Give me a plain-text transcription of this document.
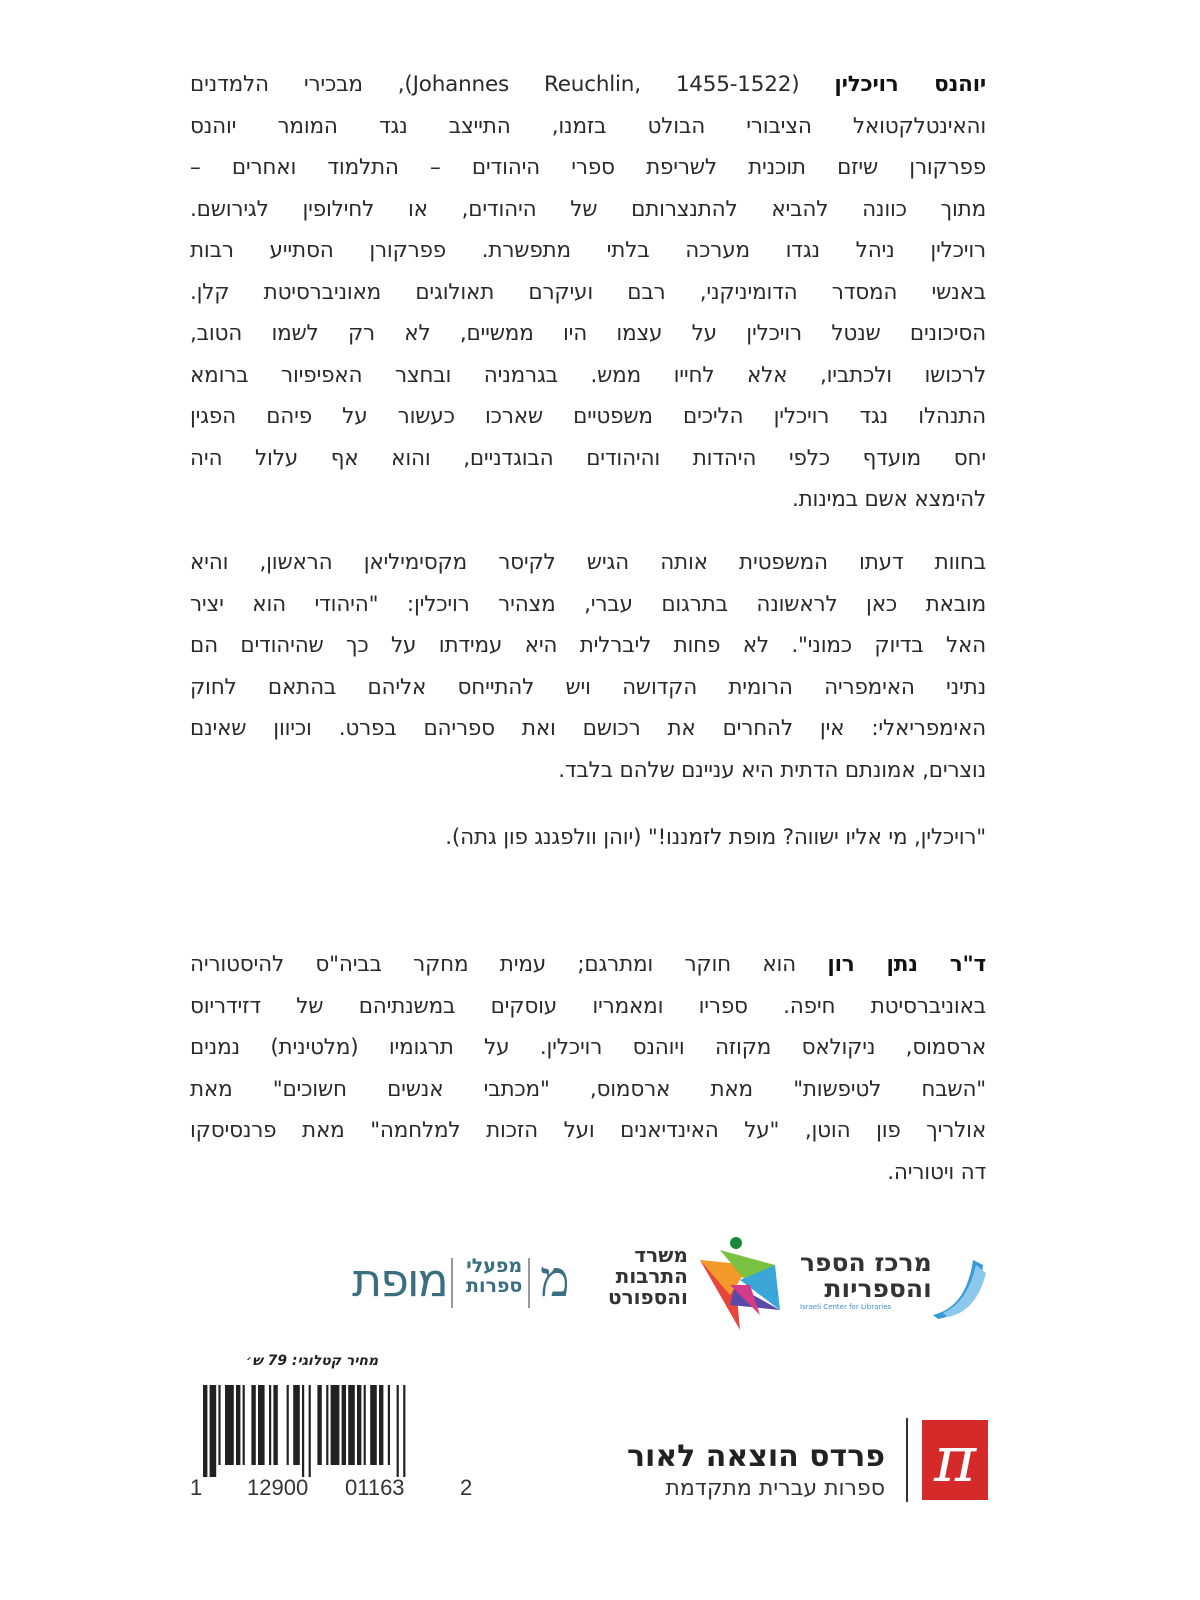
יוהנס רויכלין (Johannes Reuchlin, 1455-1522), מבכירי הלמדנים
והאינטלקטואל הציבורי הבולט בזמנו, התייצב נגד המומר יוהנס
פפרקורן שיזם תוכנית לשריפת ספרי היהודים – התלמוד ואחרים –
מתוך כוונה להביא להתנצרותם של היהודים, או לחילופין לגירושם.
רויכלין ניהל נגדו מערכה בלתי מתפשרת. פפרקורן הסתייע רבות
באנשי המסדר הדומיניקני, רבם ועיקרם תאולוגים מאוניברסיטת קלן.
הסיכונים שנטל רויכלין על עצמו היו ממשיים, לא רק לשמו הטוב,
לרכושו ולכתביו, אלא לחייו ממש. בגרמניה ובחצר האפיפיור ברומא
התנהלו נגד רויכלין הליכים משפטיים שארכו כעשור על פיהם הפגין
יחס מועדף כלפי היהדות והיהודים הבוגדניים, והוא אף עלול היה
להימצא אשם במינות.
בחוות דעתו המשפטית אותה הגיש לקיסר מקסימיליאן הראשון, והיא
מובאת כאן לראשונה בתרגום עברי, מצהיר רויכלין: "היהודי הוא יציר
האל בדיוק כמוני". לא פחות ליברלית היא עמידתו על כך שהיהודים הם
נתיני האימפריה הרומית הקדושה ויש להתייחס אליהם בהתאם לחוק
האימפריאלי: אין להחרים את רכושם ואת ספריהם בפרט. וכיוון שאינם
נוצרים, אמונתם הדתית היא עניינם שלהם בלבד.
"רויכלין, מי אליו ישווה? מופת לזמננו!" (יוהן וולפגנג פון גתה).
ד"ר נתן רון הוא חוקר ומתרגם; עמית מחקר בביה"ס להיסטוריה
באוניברסיטת חיפה. ספריו ומאמריו עוסקים במשנתיהם של דזידריוס
ארסמוס, ניקולאס מקוזה ויוהנס רויכלין. על תרגומיו (מלטינית) נמנים
"השבח לטיפשות" מאת ארסמוס, "מכתבי אנשים חשוכים" מאת
אולריך פון הוטן, "על האינדיאנים ועל הזכות למלחמה" מאת פרנסיסקו
דה ויטוריה.
מופת מפעלי
ספרות מ	משרד
התרבות
והספורט
מרכז הספר
והספריות
Israeli Center for Libraries
מחיר קטלוגי: 79 ש׳
1 12900 01163	2
פרדס הוצאה לאור
ספרות עברית מתקדמת π
